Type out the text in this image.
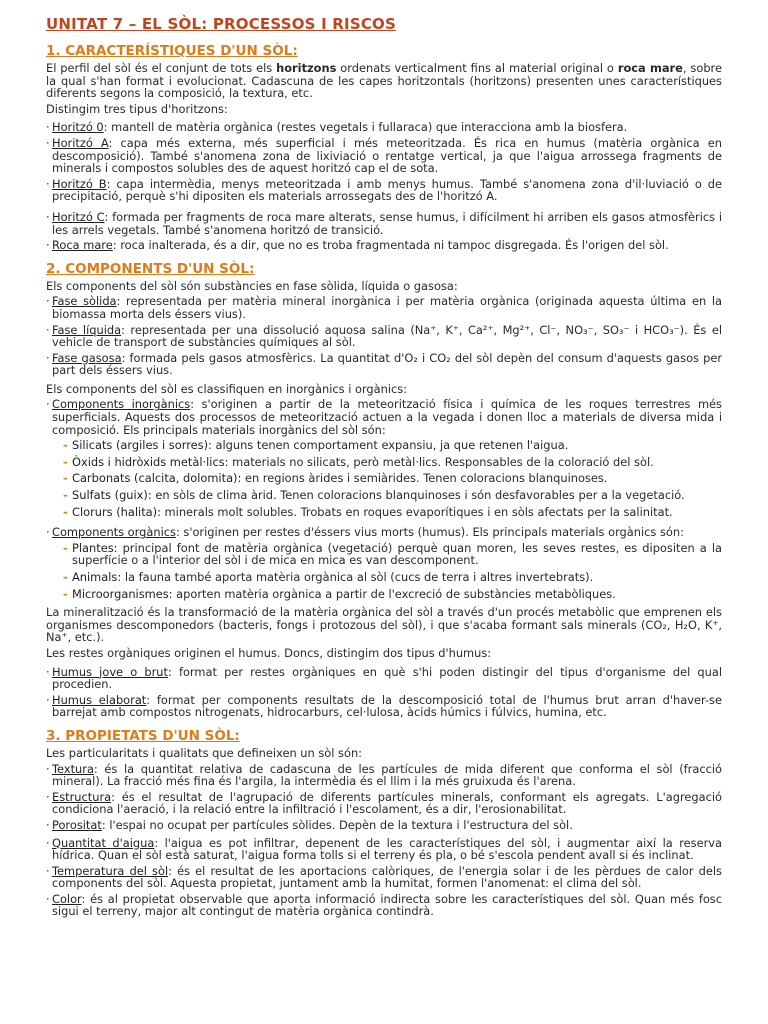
UNITAT 7 – EL SÒL: PROCESSOS I RISCOS
1. CARACTERÍSTIQUES D'UN SÒL:

El perfil del sòl és el conjunt de tots els horitzons ordenats verticalment fins al material original o roca mare, sobre la qual s'han format i evolucionat. Cadascuna de les capes horitzontals (horitzons) presenten unes característiques diferents segons la composició, la textura, etc.

Distingim tres tipus d'horitzons:

· Horitzó 0: mantell de matèria orgànica (restes vegetals i fullaraca) que interacciona amb la biosfera.
· Horitzó A: capa més externa, més superficial i més meteoritzada. És rica en humus (matèria orgànica en descomposició). També s'anomena zona de lixiviació o rentatge vertical, ja que l'aigua arrossega fragments de minerals i compostos solubles des de aquest horitzó cap el de sota.
· Horitzó B: capa intermèdia, menys meteoritzada i amb menys humus. També s'anomena zona d'il·luviació o de precipitació, perquè s'hi dipositen els materials arrossegats des de l'horitzó A.
· Horitzó C: formada per fragments de roca mare alterats, sense humus, i difícilment hi arriben els gasos atmosfèrics i les arrels vegetals. També s'anomena horitzó de transició.
· Roca mare: roca inalterada, és a dir, que no es troba fragmentada ni tampoc disgregada. És l'origen del sòl.
2. COMPONENTS D'UN SÒL:

Els components del sòl són substàncies en fase sòlida, líquida o gasosa:

· Fase sòlida: representada per matèria mineral inorgànica i per matèria orgànica (originada aquesta última en la biomassa morta dels éssers vius).
· Fase líquida: representada per una dissolució aquosa salina (Na⁺, K⁺, Ca²⁺, Mg²⁺, Cl⁻, NO₃⁻, SO₃⁻ i HCO₃⁻). És el vehicle de transport de substàncies químiques al sòl.
· Fase gasosa: formada pels gasos atmosfèrics. La quantitat d'O₂ i CO₂ del sòl depèn del consum d'aquests gasos per part dels éssers vius.

Els components del sòl es classifiquen en inorgànics i orgànics:

· Components inorgànics: s'originen a partir de la meteorització física i química de les roques terrestres més superficials. Aquests dos processos de meteorització actuen a la vegada i donen lloc a materials de diversa mida i composició. Els principals materials inorgànics del sòl són:
- Silicats (argiles i sorres): alguns tenen comportament expansiu, ja que retenen l'aigua.
- Òxids i hidròxids metàl·lics: materials no silicats, però metàl·lics. Responsables de la coloració del sòl.
- Carbonats (calcita, dolomita): en regions àrides i semiàrides. Tenen coloracions blanquinoses.
- Sulfats (guix): en sòls de clima àrid. Tenen coloracions blanquinoses i són desfavorables per a la vegetació.
- Clorurs (halita): minerals molt solubles. Trobats en roques evaporítiques i en sòls afectats per la salinitat.
· Components orgànics: s'originen per restes d'éssers vius morts (humus). Els principals materials orgànics són:
- Plantes: principal font de matèria orgànica (vegetació) perquè quan moren, les seves restes, es dipositen a la superfície o a l'interior del sòl i de mica en mica es van descomponent.
- Animals: la fauna també aporta matèria orgànica al sòl (cucs de terra i altres invertebrats).
- Microorganismes: aporten matèria orgànica a partir de l'excreció de substàncies metabòliques.

La mineralització és la transformació de la matèria orgànica del sòl a través d'un procés metabòlic que emprenen els organismes descomponedors (bacteris, fongs i protozous del sòl), i que s'acaba formant sals minerals (CO₂, H₂O, K⁺, Na⁺, etc.).

Les restes orgàniques originen el humus. Doncs, distingim dos tipus d'humus:

· Humus jove o brut: format per restes orgàniques en què s'hi poden distingir del tipus d'organisme del qual procedien.
· Humus elaborat: format per components resultats de la descomposició total de l'humus brut arran d'haver-se barrejat amb compostos nitrogenats, hidrocarburs, cel·lulosa, àcids húmics i fúlvics, humina, etc.
3. PROPIETATS D'UN SÒL:

Les particularitats i qualitats que defineixen un sòl són:

· Textura: és la quantitat relativa de cadascuna de les partícules de mida diferent que conforma el sòl (fracció mineral). La fracció més fina és l'argila, la intermèdia és el llim i la més gruixuda és l'arena.
· Estructura: és el resultat de l'agrupació de diferents partícules minerals, conformant els agregats. L'agregació condiciona l'aeració, i la relació entre la infiltració i l'escolament, és a dir, l'erosionabilitat.
· Porositat: l'espai no ocupat per partícules sòlides. Depèn de la textura i l'estructura del sòl.
· Quantitat d'aigua: l'aigua es pot infiltrar, depenent de les característiques del sòl, i augmentar així la reserva hídrica. Quan el sòl està saturat, l'aigua forma tolls si el terreny és pla, o bé s'escola pendent avall si és inclinat.
· Temperatura del sòl: és el resultat de les aportacions calòriques, de l'energia solar i de les pèrdues de calor dels components del sòl. Aquesta propietat, juntament amb la humitat, formen l'anomenat: el clima del sòl.
· Color: és al propietat observable que aporta informació indirecta sobre les característiques del sòl. Quan més fosc sigui el terreny, major alt contingut de matèria orgànica contindrà.
